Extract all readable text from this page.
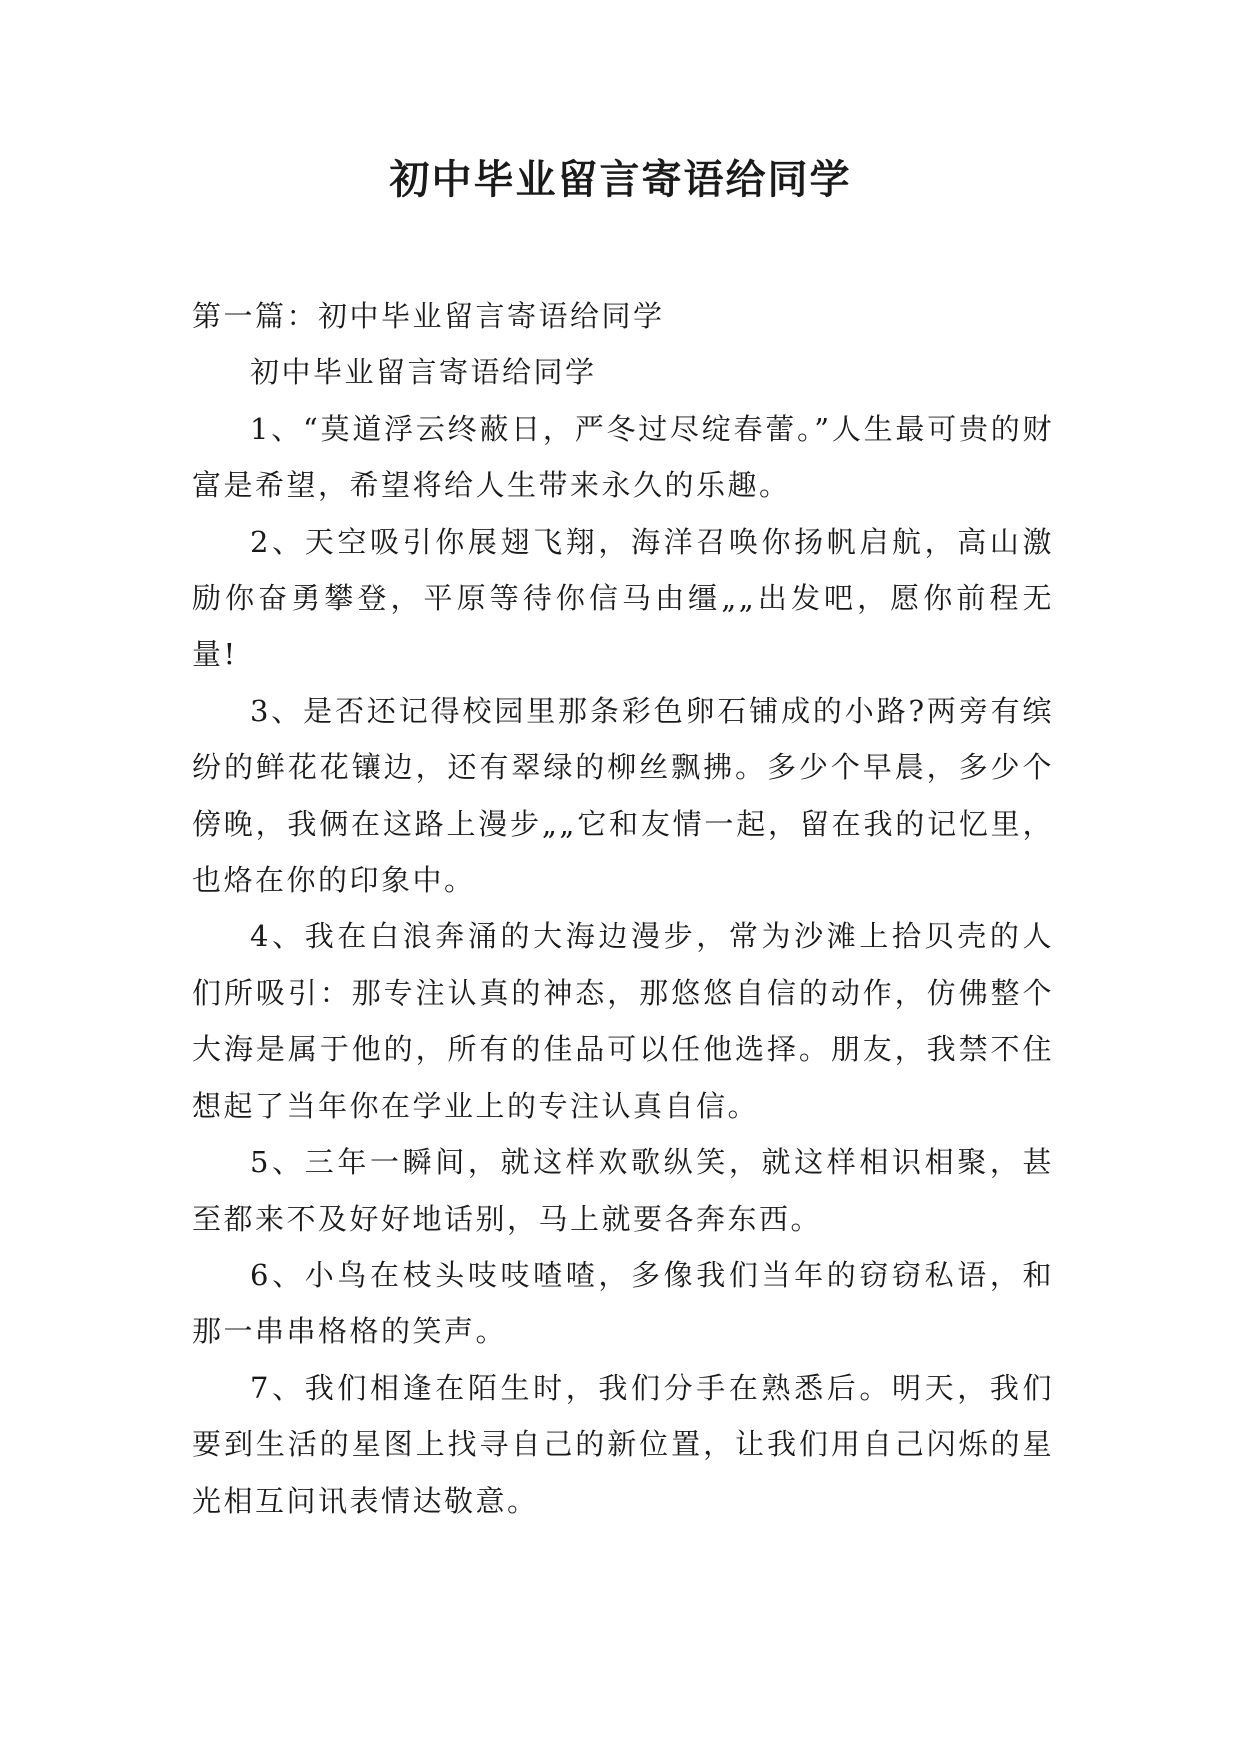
初中毕业留言寄语给同学

第一篇：初中毕业留言寄语给同学

初中毕业留言寄语给同学

1、“莫道浮云终蔽日，严冬过尽绽春蕾。”人生最可贵的财富是希望，希望将给人生带来永久的乐趣。

2、天空吸引你展翅飞翔，海洋召唤你扬帆启航，高山激励你奋勇攀登，平原等待你信马由缰„„出发吧，愿你前程无量!

3、是否还记得校园里那条彩色卵石铺成的小路?两旁有缤纷的鲜花花镶边，还有翠绿的柳丝飘拂。多少个早晨，多少个傍晚，我俩在这路上漫步„„它和友情一起，留在我的记忆里，也烙在你的印象中。

4、我在白浪奔涌的大海边漫步，常为沙滩上拾贝壳的人们所吸引：那专注认真的神态，那悠悠自信的动作，仿佛整个大海是属于他的，所有的佳品可以任他选择。朋友，我禁不住想起了当年你在学业上的专注认真自信。

5、三年一瞬间，就这样欢歌纵笑，就这样相识相聚，甚至都来不及好好地话别，马上就要各奔东西。

6、小鸟在枝头吱吱喳喳，多像我们当年的窃窃私语，和那一串串格格的笑声。

7、我们相逢在陌生时，我们分手在熟悉后。明天，我们要到生活的星图上找寻自己的新位置，让我们用自己闪烁的星光相互问讯表情达敬意。
